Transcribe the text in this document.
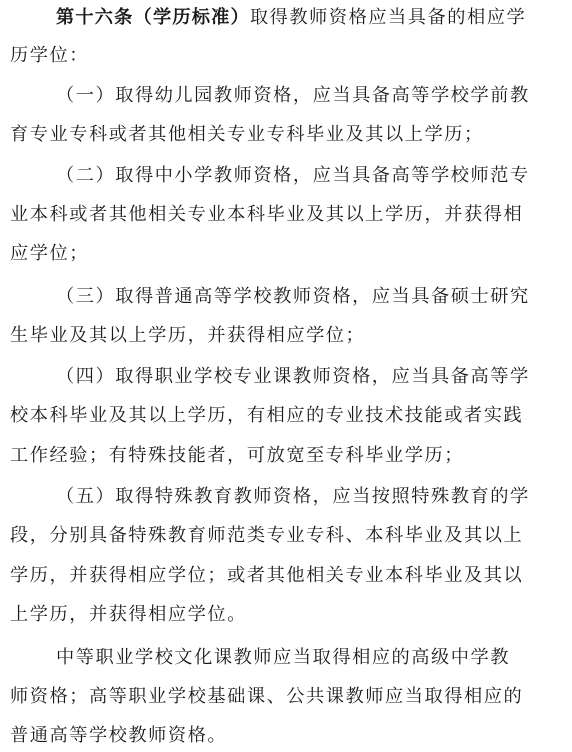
第十六条（学历标准）取得教师资格应当具备的相应学
历学位：
（一）取得幼儿园教师资格，应当具备高等学校学前教
育专业专科或者其他相关专业专科毕业及其以上学历；
（二）取得中小学教师资格，应当具备高等学校师范专
业本科或者其他相关专业本科毕业及其以上学历，并获得相
应学位；
（三）取得普通高等学校教师资格，应当具备硕士研究
生毕业及其以上学历，并获得相应学位；
（四）取得职业学校专业课教师资格，应当具备高等学
校本科毕业及其以上学历，有相应的专业技术技能或者实践
工作经验；有特殊技能者，可放宽至专科毕业学历；
（五）取得特殊教育教师资格，应当按照特殊教育的学
段，分别具备特殊教育师范类专业专科、本科毕业及其以上
学历，并获得相应学位；或者其他相关专业本科毕业及其以
上学历，并获得相应学位。
中等职业学校文化课教师应当取得相应的高级中学教
师资格；高等职业学校基础课、公共课教师应当取得相应的
普通高等学校教师资格。
